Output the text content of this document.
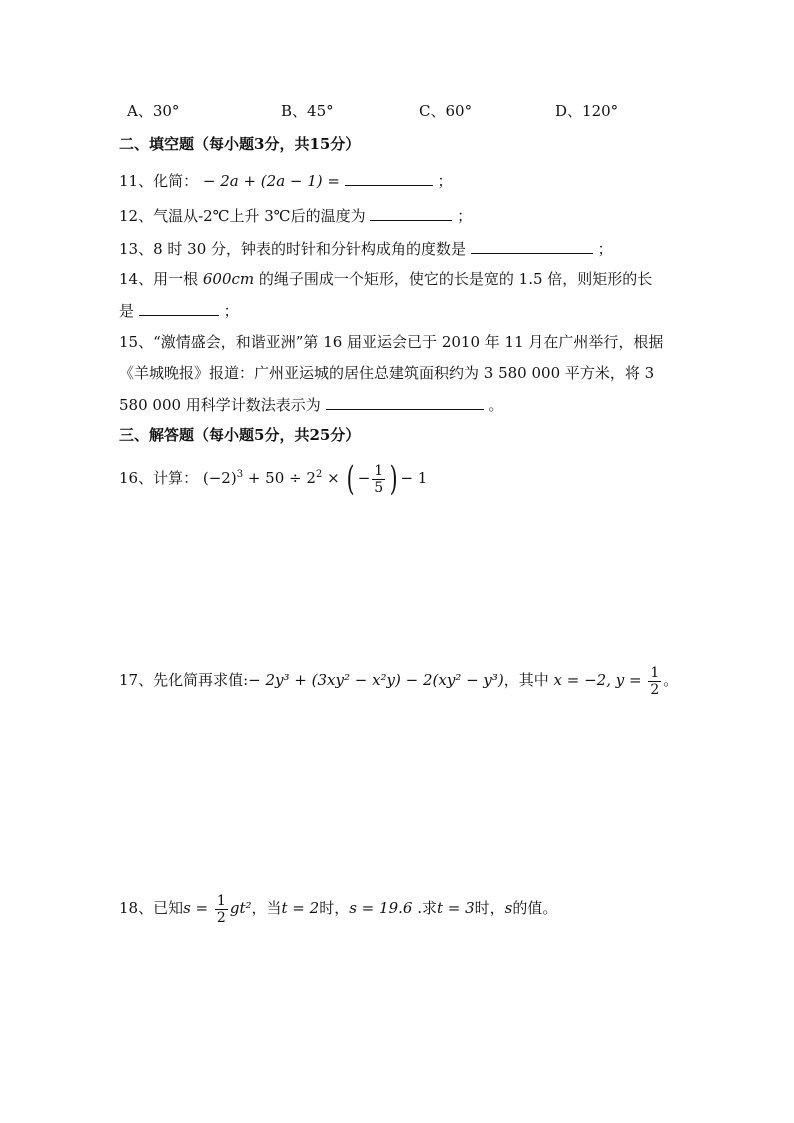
A、30°	B、45°	C、60°	D、120°
二、填空题（每小题3分，共15分）
11、化简： − 2a + (2a − 1) =	；
12、气温从-2℃上升 3℃后的温度为	；
13、8 时 30 分，钟表的时针和分针构成角的度数是	；
14、用一根 600cm 的绳子围成一个矩形，使它的长是宽的 1.5 倍，则矩形的长
是	；
15、“激情盛会，和谐亚洲”第 16 届亚运会已于 2010 年 11 月在广州举行，根据
《羊城晚报》报道：广州亚运城的居住总建筑面积约为 3 580 000 平方米，将 3
580 000 用科学计数法表示为	。
三、解答题（每小题5分，共25分）
16、计算： $(-2)^3 + 50 \div 2^2$ × ( − $\frac{1}{5}$ ) − 1
17、先化简再求值:− 2y³ + (3xy² − x²y) − 2(xy² − y³)，其中 x = −2, $y = \frac{1}{2}$ 。
18、已知$s = \frac{1}{2} gt^2$，当t = 2时，s = 19.6 .求t = 3时，s的值。
